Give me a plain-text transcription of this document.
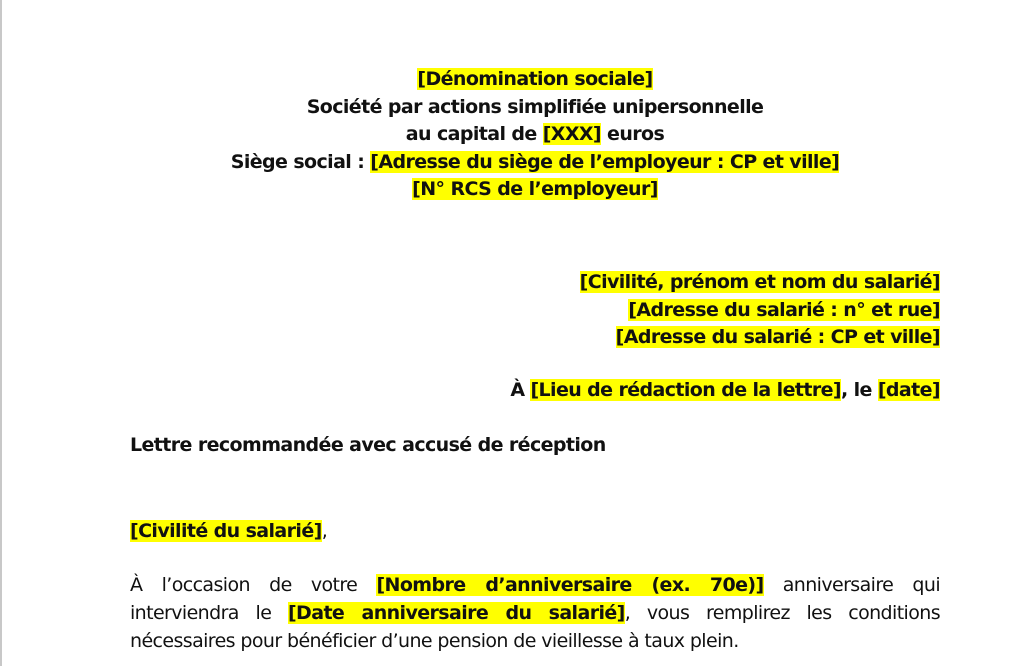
[Dénomination sociale]
Société par actions simplifiée unipersonnelle
au capital de [XXX] euros
Siège social : [Adresse du siège de l’employeur : CP et ville]
[N° RCS de l’employeur]
[Civilité, prénom et nom du salarié]
[Adresse du salarié : n° et rue]
[Adresse du salarié : CP et ville]
À [Lieu de rédaction de la lettre], le [date]
Lettre recommandée avec accusé de réception
[Civilité du salarié],
À l’occasion de votre [Nombre d’anniversaire (ex. 70e)] anniversaire qui
interviendra le [Date anniversaire du salarié], vous remplirez les conditions
nécessaires pour bénéficier d’une pension de vieillesse à taux plein.
